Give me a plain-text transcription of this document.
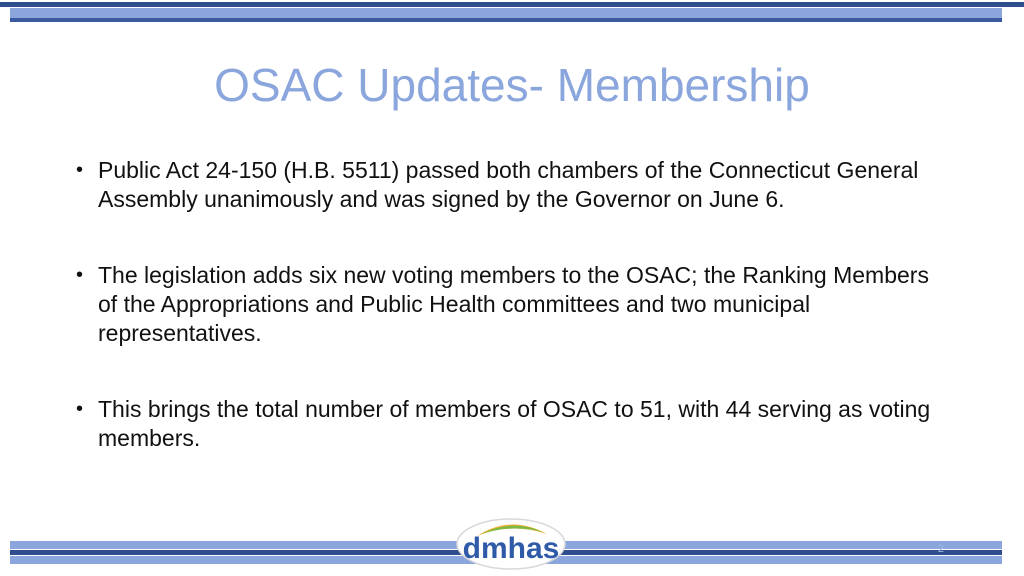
OSAC Updates- Membership
• Public Act 24-150 (H.B. 5511) passed both chambers of the Connecticut General Assembly unanimously and was signed by the Governor on June 6.
• The legislation adds six new voting members to the OSAC; the Ranking Members of the Appropriations and Public Health committees and two municipal representatives.
• This brings the total number of members of OSAC to 51, with 44 serving as voting members.
dmhas	2
